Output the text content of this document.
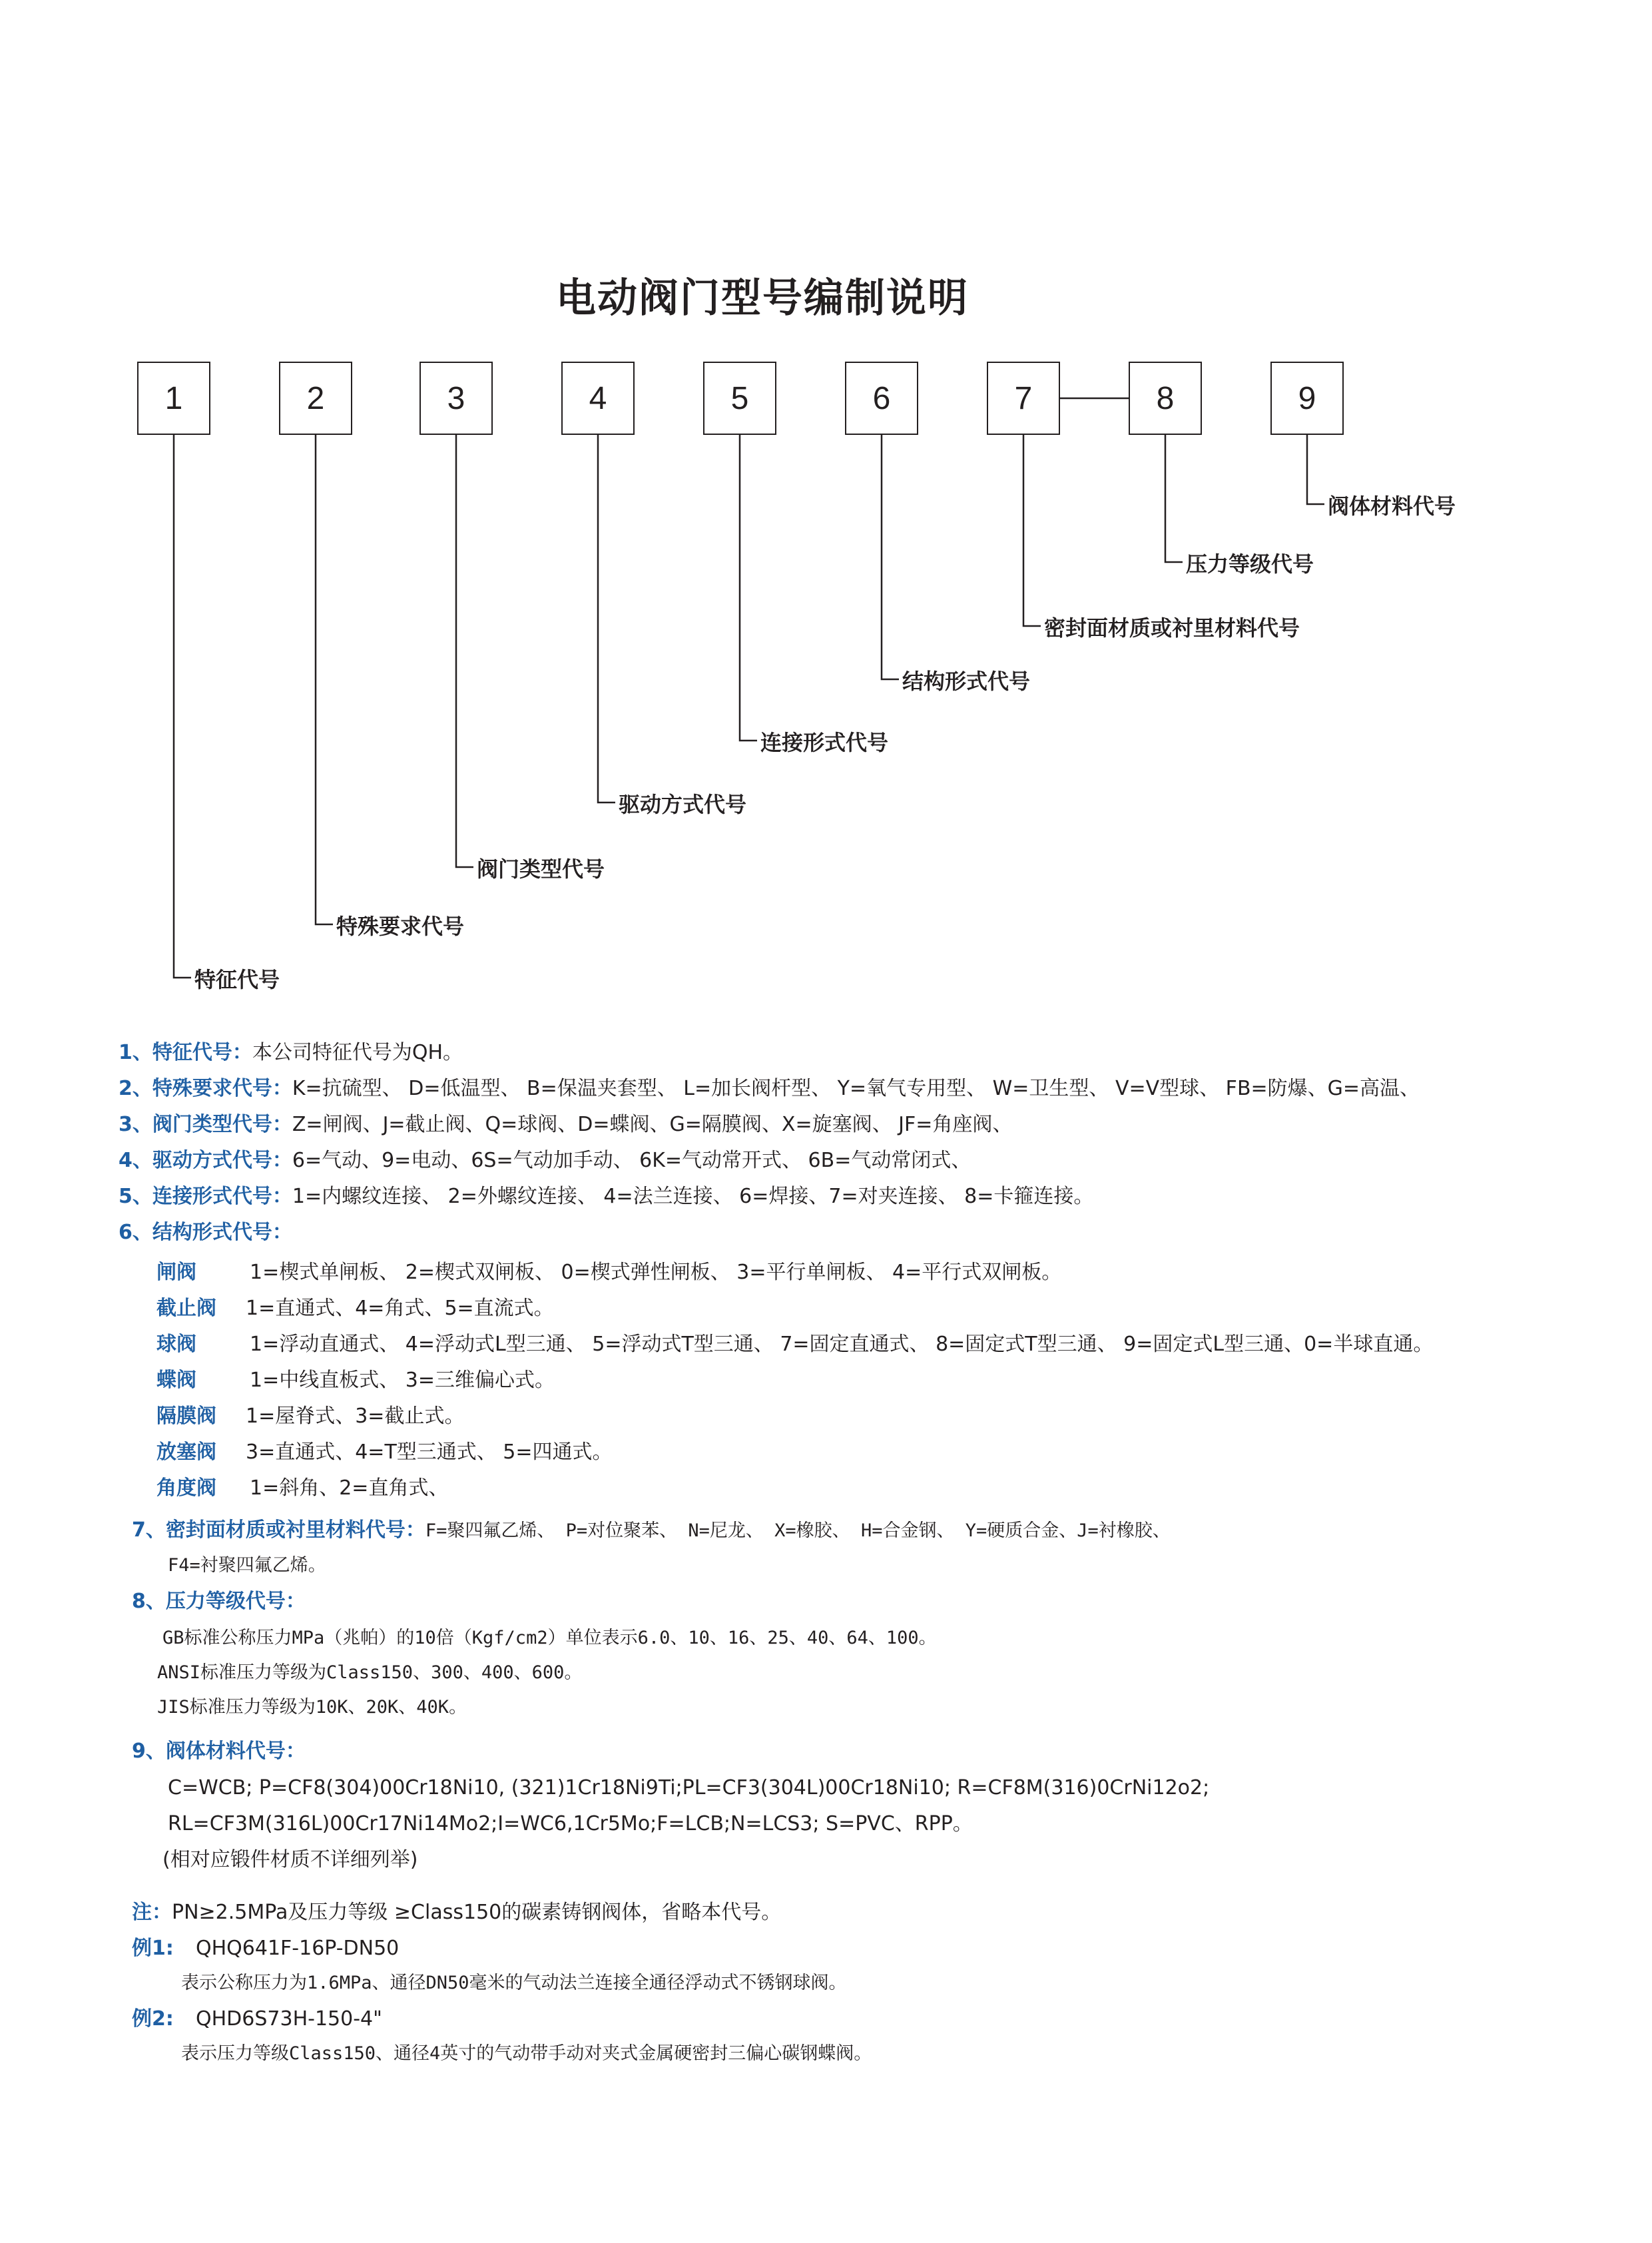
电动阀门型号编制说明
1	2	3	4	5	6	7	8	9
特征代号
特殊要求代号
阀门类型代号
驱动方式代号
连接形式代号
结构形式代号
密封面材质或衬里材料代号
压力等级代号
阀体材料代号
1、特征代号：本公司特征代号为QH。
2、特殊要求代号：K=抗硫型、 D=低温型、 B=保温夹套型、 L=加长阀杆型、 Y=氧气专用型、 W=卫生型、 V=V型球、 FB=防爆、G=高温、
3、阀门类型代号：Z=闸阀、J=截止阀、Q=球阀、D=蝶阀、G=隔膜阀、X=旋塞阀、 JF=角座阀、
4、驱动方式代号：6=气动、9=电动、6S=气动加手动、 6K=气动常开式、 6B=气动常闭式、
5、连接形式代号：1=内螺纹连接、 2=外螺纹连接、 4=法兰连接、 6=焊接、7=对夹连接、 8=卡箍连接。
6、结构形式代号：
闸阀	1=楔式单闸板、 2=楔式双闸板、 0=楔式弹性闸板、 3=平行单闸板、 4=平行式双闸板。
截止阀 1=直通式、4=角式、5=直流式。
球阀	1=浮动直通式、 4=浮动式L型三通、 5=浮动式T型三通、 7=固定直通式、 8=固定式T型三通、 9=固定式L型三通、0=半球直通。
蝶阀	1=中线直板式、 3=三维偏心式。
隔膜阀 1=屋脊式、3=截止式。
放塞阀 3=直通式、4=T型三通式、 5=四通式。
角度阀 1=斜角、2=直角式、
7、密封面材质或衬里材料代号：F=聚四氟乙烯、 P=对位聚苯、 N=尼龙、 X=橡胶、 H=合金钢、 Y=硬质合金、J=衬橡胶、
F4=衬聚四氟乙烯。
8、压力等级代号：
GB标准公称压力MPa（兆帕）的10倍（Kgf/cm2）单位表示6.0、10、16、25、40、64、100。
ANSI标准压力等级为Class150、300、400、600。
JIS标准压力等级为10K、20K、40K。
9、阀体材料代号：
C=WCB; P=CF8(304)00Cr18Ni10, (321)1Cr18Ni9Ti;PL=CF3(304L)00Cr18Ni10; R=CF8M(316)0CrNi12o2;
RL=CF3M(316L)00Cr17Ni14Mo2;I=WC6,1Cr5Mo;F=LCB;N=LCS3; S=PVC、RPP。
(相对应锻件材质不详细列举)
注：PN≥2.5MPa及压力等级 ≥Class150的碳素铸钢阀体，省略本代号。
例1: QHQ641F-16P-DN50
表示公称压力为1.6MPa、通径DN50毫米的气动法兰连接全通径浮动式不锈钢球阀。
例2: QHD6S73H-150-4"
表示压力等级Class150、通径4英寸的气动带手动对夹式金属硬密封三偏心碳钢蝶阀。
